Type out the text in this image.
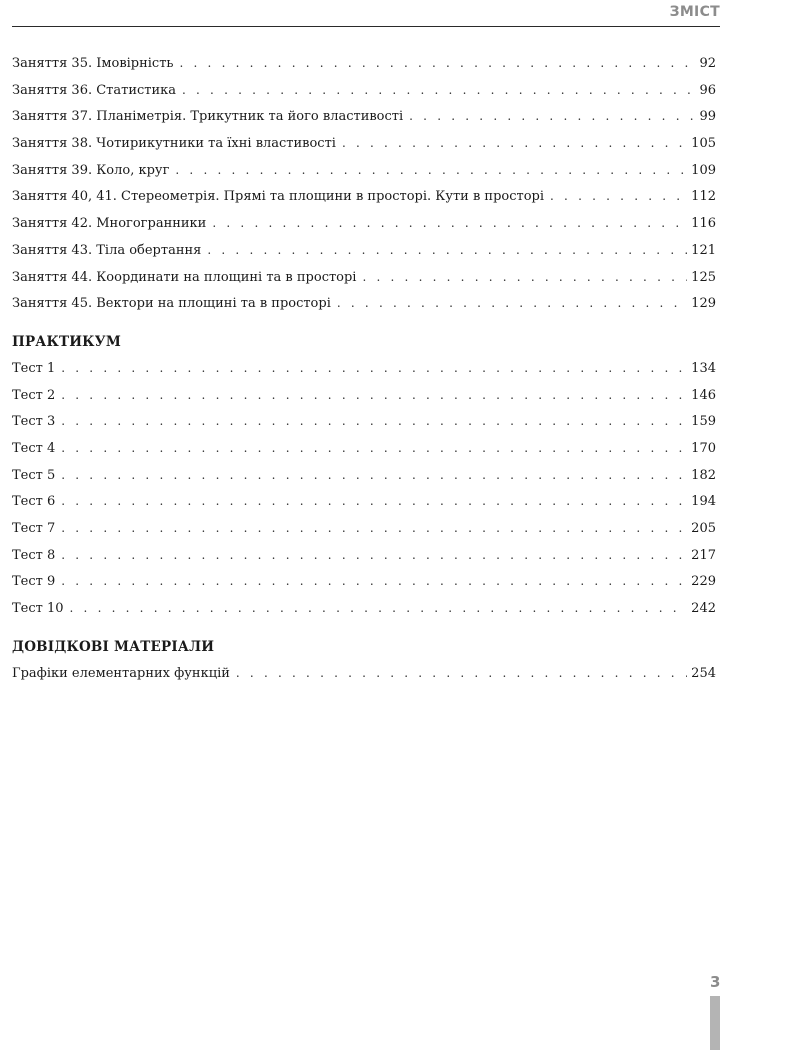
ЗМІСТ
Заняття 35. Імовірність . . .	92
Заняття 36. Статистика . . .	96
Заняття 37. Планіметрія. Трикутник та його властивості . . .	99
Заняття 38. Чотирикутники та їхні властивості . . .	105
Заняття 39. Коло, круг . . .	109
Заняття 40, 41. Стереометрія. Прямі та площини в просторі. Кути в просторі . . .	112
Заняття 42. Многогранники . . .	116
Заняття 43. Тіла обертання . . .	121
Заняття 44. Координати на площині та в просторі . . .	125
Заняття 45. Вектори на площині та в просторі . . .	129
ПРАКТИКУМ
Тест 1 . . .	134
Тест 2 . . .	146
Тест 3 . . .	159
Тест 4 . . .	170
Тест 5 . . .	182
Тест 6 . . .	194
Тест 7 . . .	205
Тест 8 . . .	217
Тест 9 . . .	229
Тест 10 . . .	242
ДОВІДКОВІ МАТЕРІАЛИ
Графіки елементарних функцій . . .	254
3
